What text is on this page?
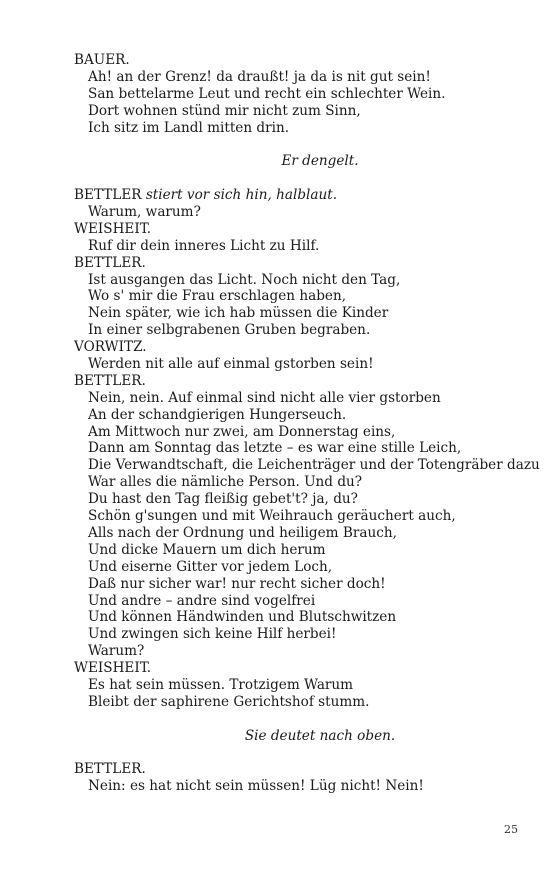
BAUER.
Ah! an der Grenz! da draußt! ja da is nit gut sein!
San bettelarme Leut und recht ein schlechter Wein.
Dort wohnen stünd mir nicht zum Sinn,
Ich sitz im Landl mitten drin.
Er dengelt.
BETTLER stiert vor sich hin, halblaut.
Warum, warum?
WEISHEIT.
Ruf dir dein inneres Licht zu Hilf.
BETTLER.
Ist ausgangen das Licht. Noch nicht den Tag,
Wo s' mir die Frau erschlagen haben,
Nein später, wie ich hab müssen die Kinder
In einer selbgrabenen Gruben begraben.
VORWITZ.
Werden nit alle auf einmal gstorben sein!
BETTLER.
Nein, nein. Auf einmal sind nicht alle vier gstorben
An der schandgierigen Hungerseuch.
Am Mittwoch nur zwei, am Donnerstag eins,
Dann am Sonntag das letzte – es war eine stille Leich,
Die Verwandtschaft, die Leichenträger und der Totengräber dazu
War alles die nämliche Person. Und du?
Du hast den Tag fleißig gebet't? ja, du?
Schön g'sungen und mit Weihrauch geräuchert auch,
Alls nach der Ordnung und heiligem Brauch,
Und dicke Mauern um dich herum
Und eiserne Gitter vor jedem Loch,
Daß nur sicher war! nur recht sicher doch!
Und andre – andre sind vogelfrei
Und können Händwinden und Blutschwitzen
Und zwingen sich keine Hilf herbei!
Warum?
WEISHEIT.
Es hat sein müssen. Trotzigem Warum
Bleibt der saphirene Gerichtshof stumm.
Sie deutet nach oben.
BETTLER.
Nein: es hat nicht sein müssen! Lüg nicht! Nein!
25
